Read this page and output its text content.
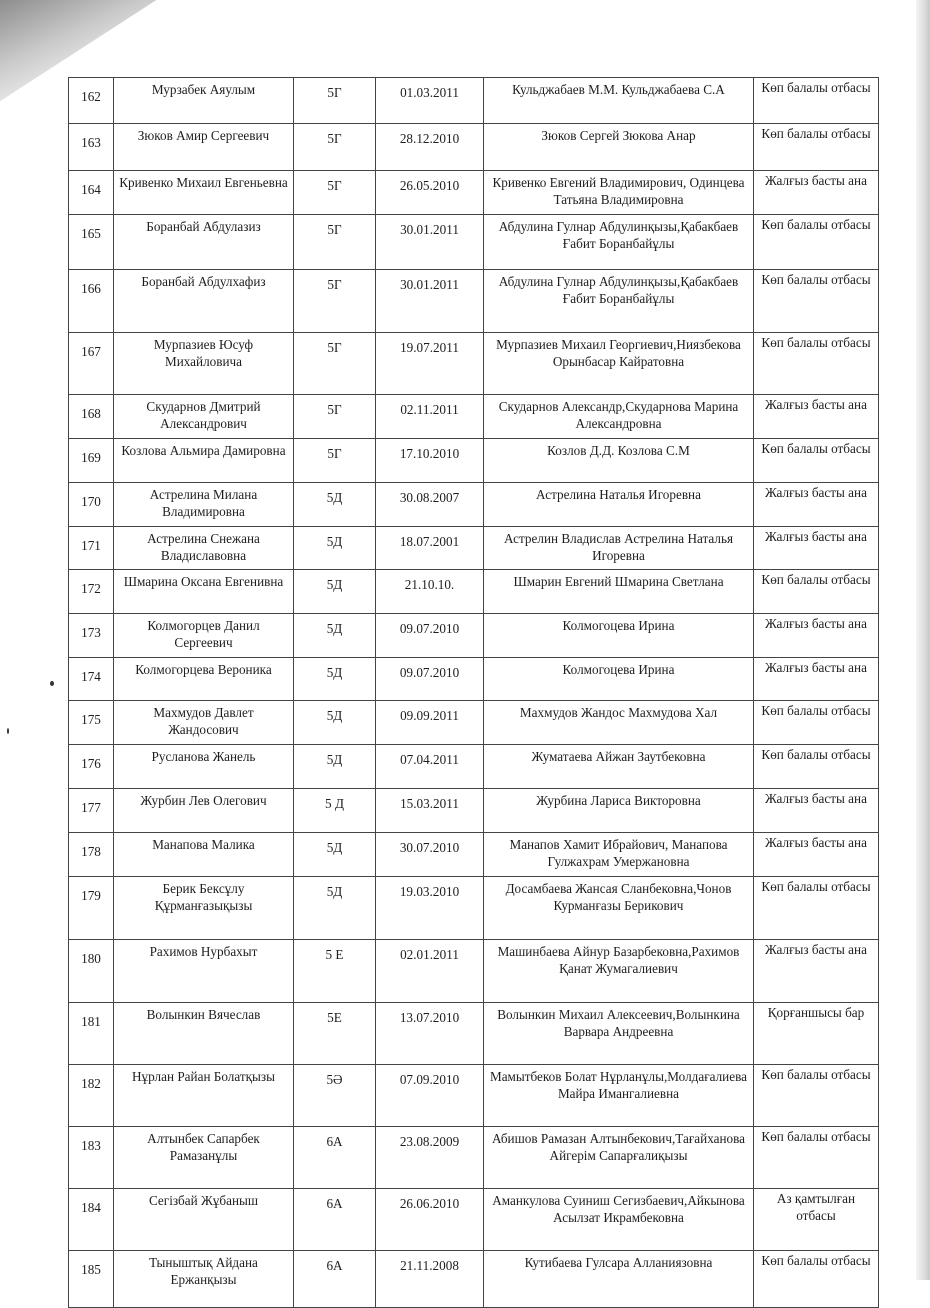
162	Мурзабек Аяулым	5Г	01.03.2011	Кульджабаев М.М. Кульджабаева С.А	Көп балалы отбасы
163	Зюков Амир Сергеевич	5Г	28.12.2010	Зюков Сергей Зюкова Анар	Көп балалы отбасы
164	Кривенко Михаил Евгеньевна	5Г	26.05.2010	Кривенко Евгений Владимирович, Одинцева Татьяна Владимировна	Жалғыз басты ана
165	Боранбай Абдулазиз	5Г	30.01.2011	Абдулина Гулнар Абдулинқызы,Қабакбаев Ғабит Боранбайұлы	Көп балалы отбасы
166	Боранбай Абдулхафиз	5Г	30.01.2011	Абдулина Гулнар Абдулинқызы,Қабакбаев Ғабит Боранбайұлы	Көп балалы отбасы
167	Мурпазиев Юсуф Михайловича	5Г	19.07.2011	Мурпазиев Михаил Георгиевич,Ниязбекова Орынбасар Кайратовна	Көп балалы отбасы
168	Скударнов Дмитрий Александрович	5Г	02.11.2011	Скударнов Александр,Скударнова Марина Александровна	Жалғыз басты ана
169	Козлова Альмира Дамировна	5Г	17.10.2010	Козлов Д.Д. Козлова С.М	Көп балалы отбасы
170	Астрелина Милана Владимировна	5Д	30.08.2007	Астрелина Наталья Игоревна	Жалғыз басты ана
171	Астрелина Снежана Владиславовна	5Д	18.07.2001	Астрелин Владислав Астрелина Наталья Игоревна	Жалғыз басты ана
172	Шмарина Оксана Евгенивна	5Д	21.10.10.	Шмарин Евгений Шмарина Светлана	Көп балалы отбасы
173	Колмогорцев Данил Сергеевич	5Д	09.07.2010	Колмогоцева Ирина	Жалғыз басты ана
174	Колмогорцева Вероника	5Д	09.07.2010	Колмогоцева Ирина	Жалғыз басты ана
175	Махмудов Давлет Жандосович	5Д	09.09.2011	Махмудов Жандос Махмудова Хал	Көп балалы отбасы
176	Русланова Жанель	5Д	07.04.2011	Жуматаева Айжан Заутбековна	Көп балалы отбасы
177	Журбин Лев Олегович	5 Д	15.03.2011	Журбина Лариса Викторовна	Жалғыз басты ана
178	Манапова Малика	5Д	30.07.2010	Манапов Хамит Ибрайович, Манапова Гулжахрам Умержановна	Жалғыз басты ана
179	Берик Бексұлу Құрманғазықызы	5Д	19.03.2010	Досамбаева Жансая Сланбековна,Чонов Курманғазы Берикович	Көп балалы отбасы
180	Рахимов Нурбахыт	5 Е	02.01.2011	Машинбаева Айнур Базарбековна,Рахимов Қанат Жумагалиевич	Жалғыз басты ана
181	Волынкин Вячеслав	5Е	13.07.2010	Волынкин Михаил Алексеевич,Волынкина Варвара Андреевна	Қорғаншысы бар
182	Нұрлан Райан Болатқызы	5Ә	07.09.2010	Мамытбеков Болат Нұрланұлы,Молдағалиева Майра Имангалиевна	Көп балалы отбасы
183	Алтынбек Сапарбек Рамазанұлы	6А	23.08.2009	Абишов Рамазан Алтынбекович,Тағайханова Айгерім Сапарғалиқызы	Көп балалы отбасы
184	Сегізбай Жұбаныш	6А	26.06.2010	Аманкулова Суиниш Сегизбаевич,Айкынова Асылзат Икрамбековна	Аз қамтылған отбасы
185	Тыныштық Айдана Ержанқызы	6А	21.11.2008	Кутибаева Гулсара Алланиязовна	Көп балалы отбасы
